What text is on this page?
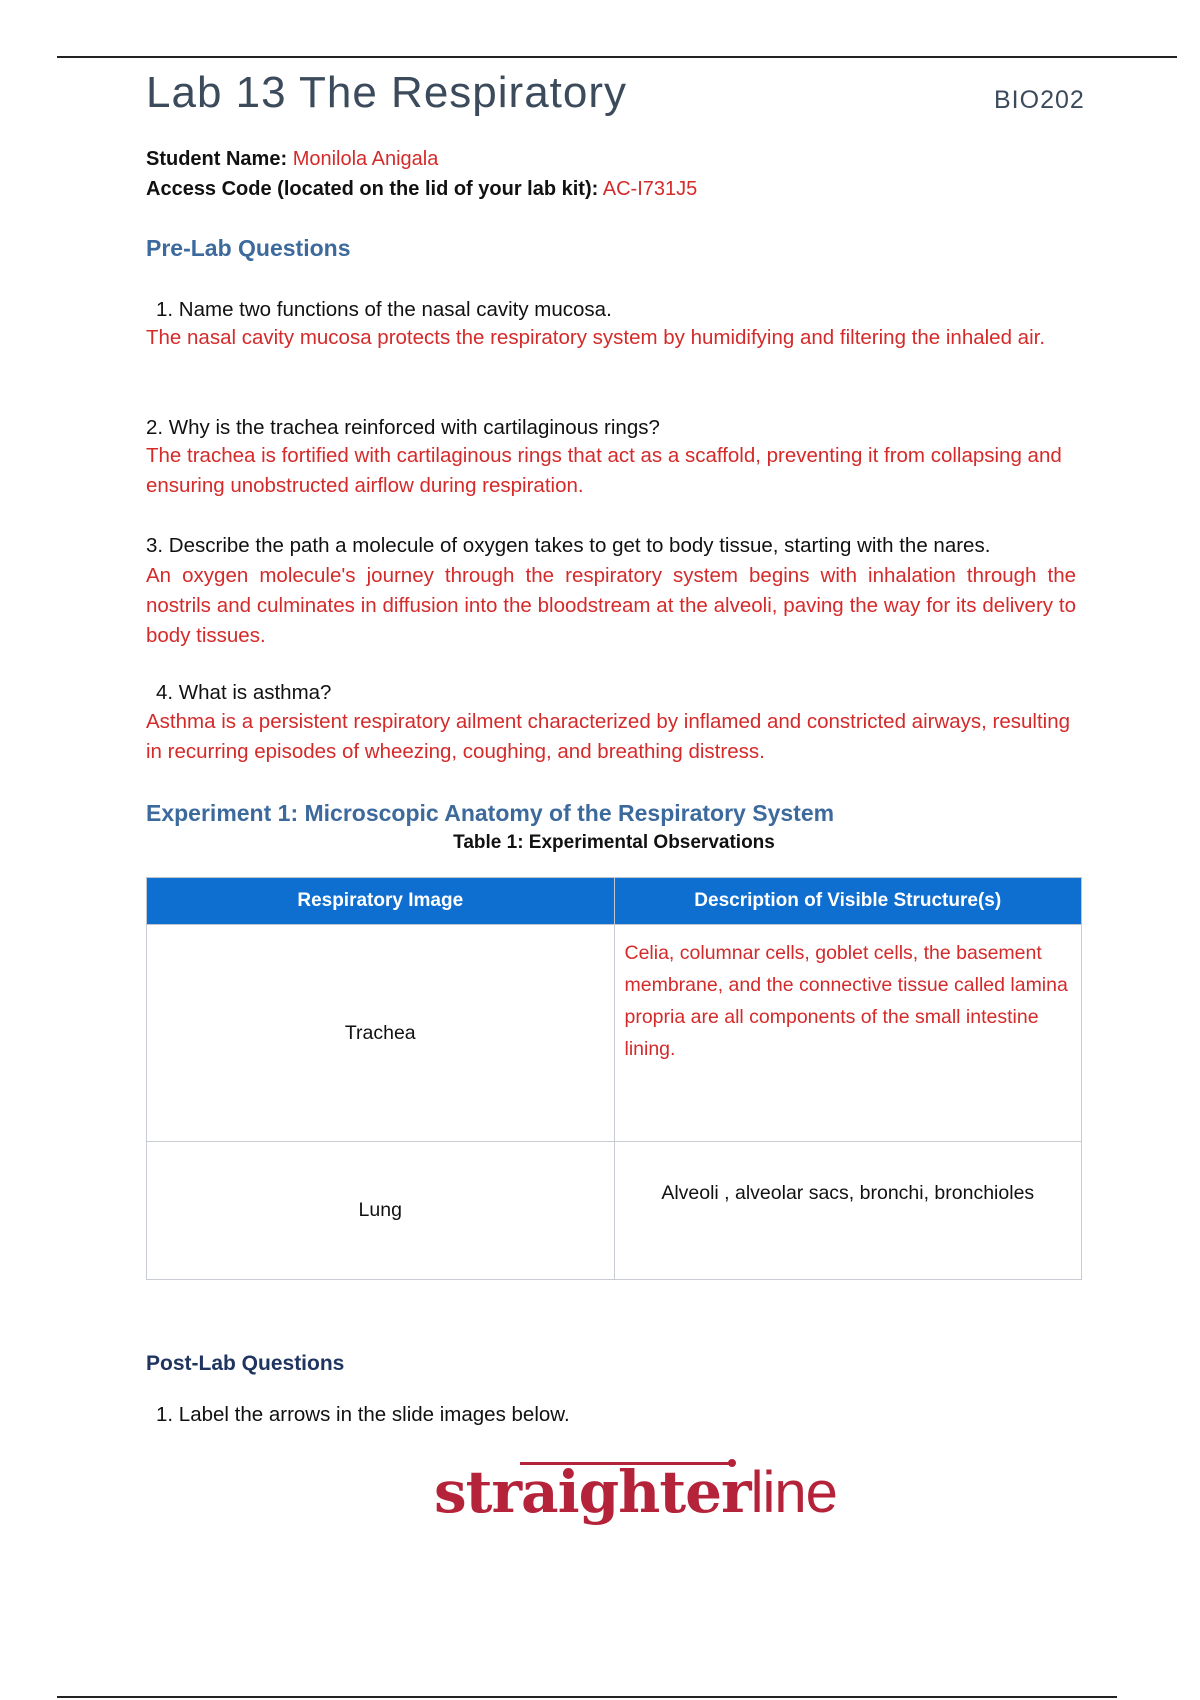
Lab 13 The Respiratory	BIO202
Student Name: Monilola Anigala
Access Code (located on the lid of your lab kit): AC-I731J5
Pre-Lab Questions
1. Name two functions of the nasal cavity mucosa.
The nasal cavity mucosa protects the respiratory system by humidifying and filtering the inhaled air.
2. Why is the trachea reinforced with cartilaginous rings?
The trachea is fortified with cartilaginous rings that act as a scaffold, preventing it from collapsing and ensuring unobstructed airflow during respiration.
3. Describe the path a molecule of oxygen takes to get to body tissue, starting with the nares.
An oxygen molecule's journey through the respiratory system begins with inhalation through the nostrils and culminates in diffusion into the bloodstream at the alveoli, paving the way for its delivery to body tissues.
4. What is asthma?
Asthma is a persistent respiratory ailment characterized by inflamed and constricted airways, resulting in recurring episodes of wheezing, coughing, and breathing distress.
Experiment 1: Microscopic Anatomy of the Respiratory System
Table 1: Experimental Observations
Respiratory Image	Description of Visible Structure(s)
Trachea	Celia, columnar cells, goblet cells, the basement membrane, and the connective tissue called lamina propria are all components of the small intestine lining.
Lung	Alveoli , alveolar sacs, bronchi, bronchioles
Post-Lab Questions
1. Label the arrows in the slide images below.
straighterline
